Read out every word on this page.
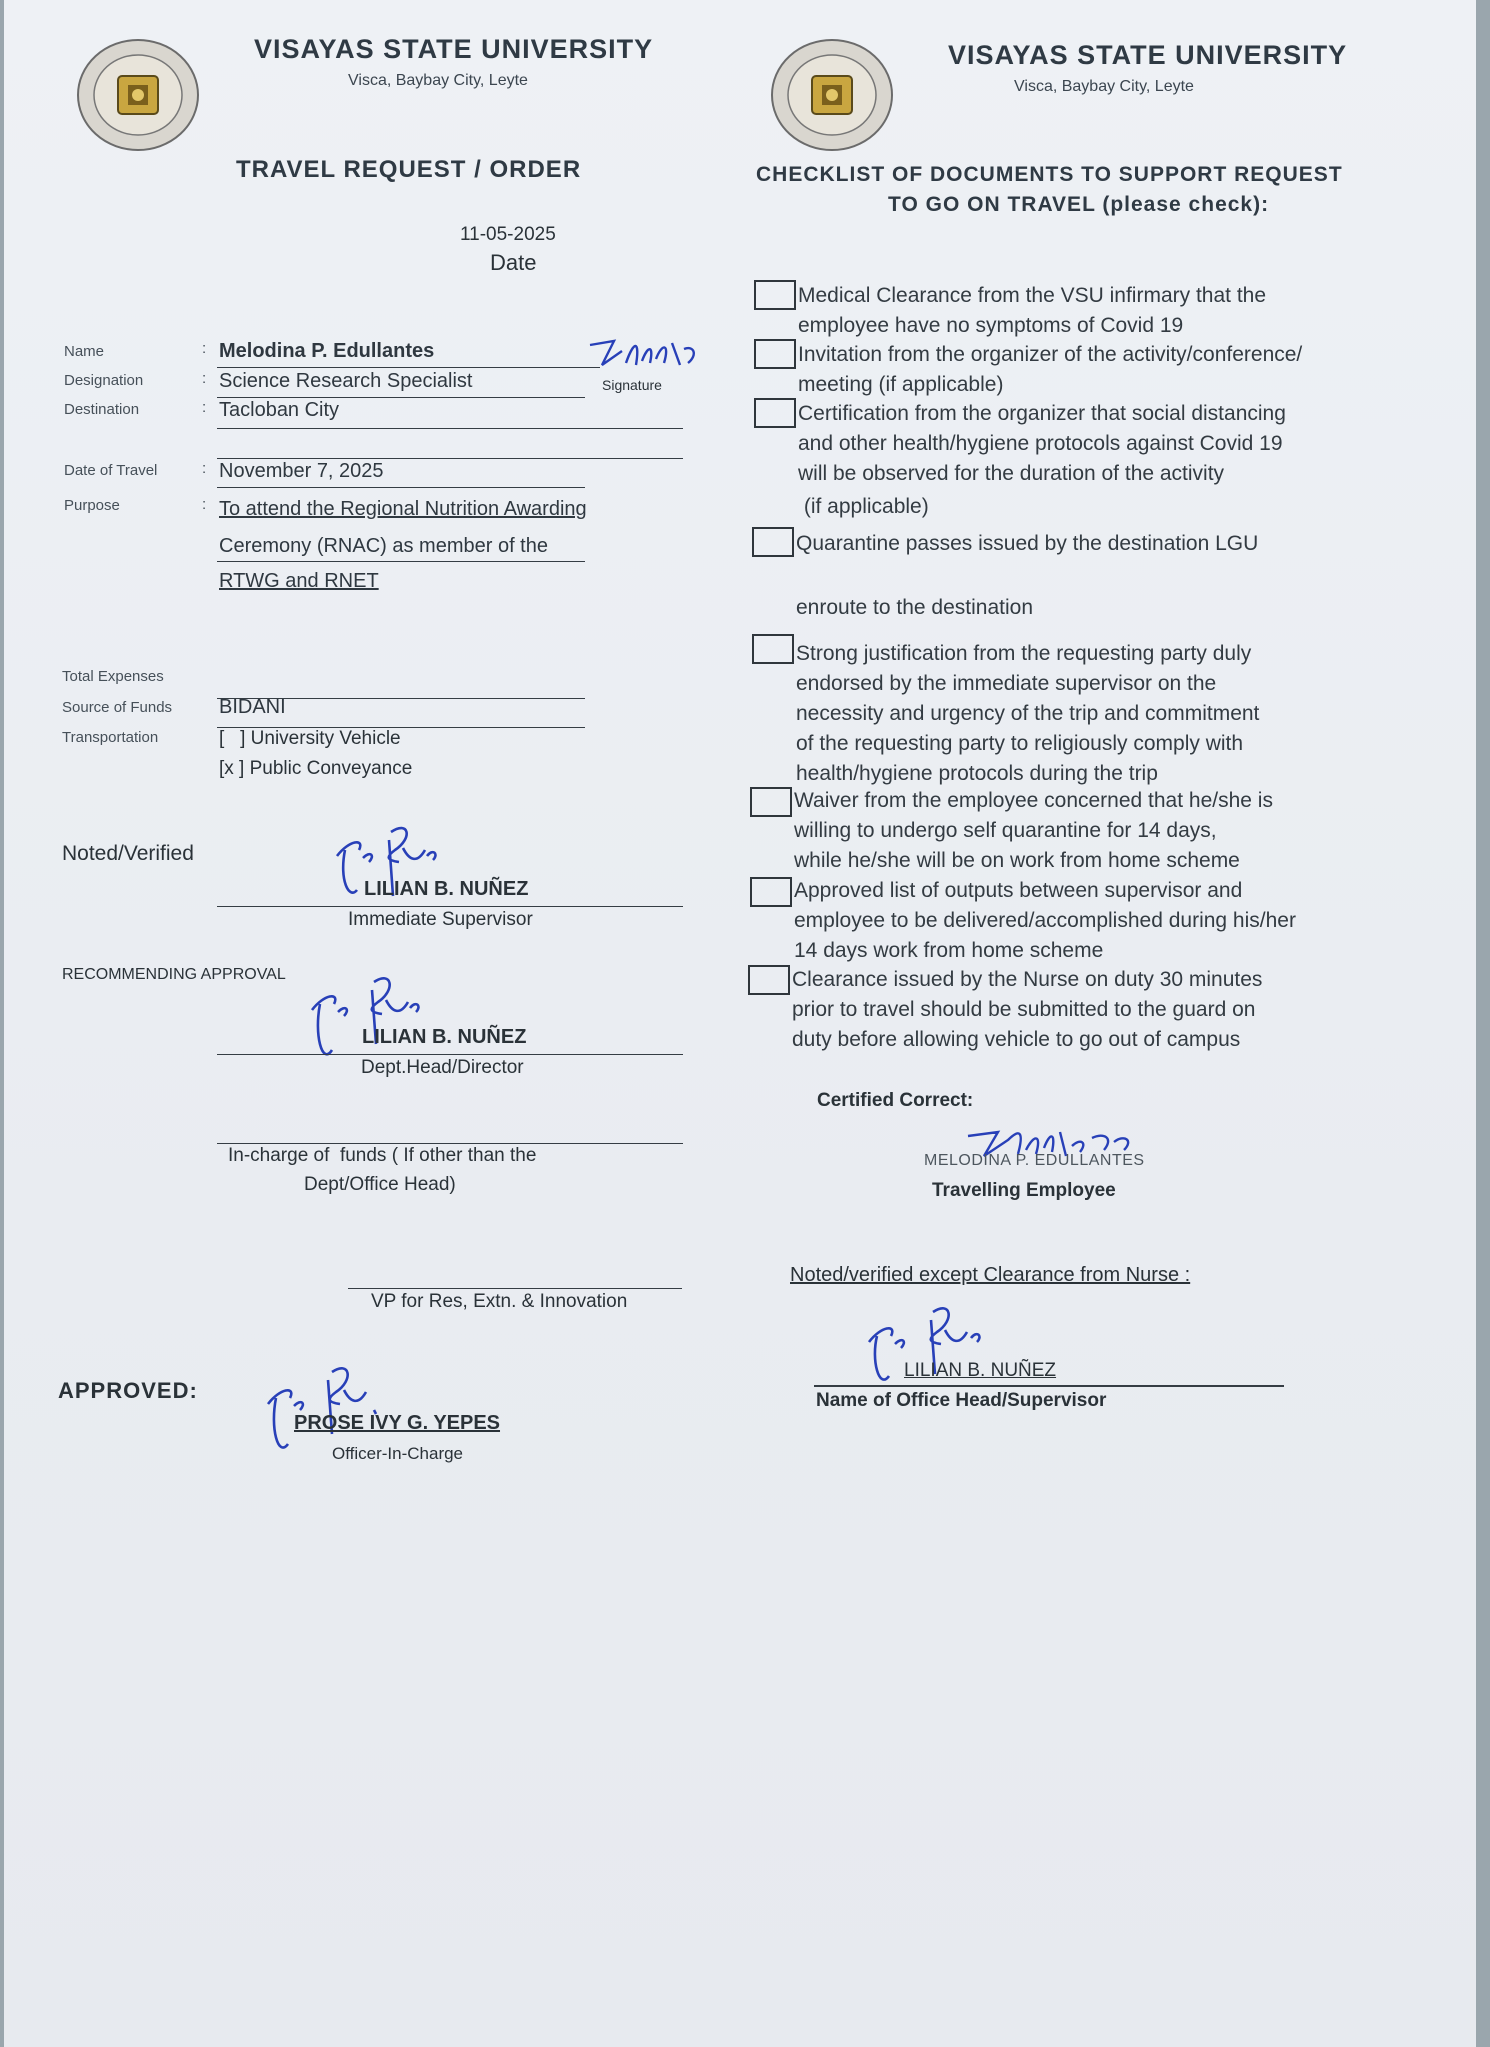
VISAYAS STATE UNIVERSITY
Visca, Baybay City, Leyte
VISAYAS STATE UNIVERSITY
Visca, Baybay City, Leyte
TRAVEL REQUEST / ORDER
11-05-2025
Date
Name	: Melodina P. Edullantes
Signature
Designation	: Science Research Specialist
Destination	: Tacloban City
Date of Travel	: November 7, 2025
Purpose	: To attend the Regional Nutrition Awarding
Ceremony (RNAC) as member of the
RTWG and RNET
Total Expenses
Source of Funds BIDANI
Transportation	[   ] University Vehicle
[x ] Public Conveyance
Noted/Verified
LILIAN B. NUÑEZ
Immediate Supervisor
RECOMMENDING APPROVAL
LILIAN B. NUÑEZ
Dept.Head/Director
In-charge of  funds ( If other than the
Dept/Office Head)
VP for Res, Extn. & Innovation
APPROVED:
PROSE IVY G. YEPES
Officer-In-Charge
CHECKLIST OF DOCUMENTS TO SUPPORT REQUEST
TO GO ON TRAVEL (please check):
Medical Clearance from the VSU infirmary that the
employee have no symptoms of Covid 19
Invitation from the organizer of the activity/conference/
meeting (if applicable)
Certification from the organizer that social distancing
and other health/hygiene protocols against Covid 19
will be observed for the duration of the activity
(if applicable)
Quarantine passes issued by the destination LGU
enroute to the destination
Strong justification from the requesting party duly
endorsed by the immediate supervisor on the
necessity and urgency of the trip and commitment
of the requesting party to religiously comply with
health/hygiene protocols during the trip
Waiver from the employee concerned that he/she is
willing to undergo self quarantine for 14 days,
while he/she will be on work from home scheme
Approved list of outputs between supervisor and
employee to be delivered/accomplished during his/her
14 days work from home scheme
Clearance issued by the Nurse on duty 30 minutes
prior to travel should be submitted to the guard on
duty before allowing vehicle to go out of campus
Certified Correct:
MELODINA P. EDULLANTES
Travelling Employee
Noted/verified except Clearance from Nurse :
LILIAN B. NUÑEZ
Name of Office Head/Supervisor
